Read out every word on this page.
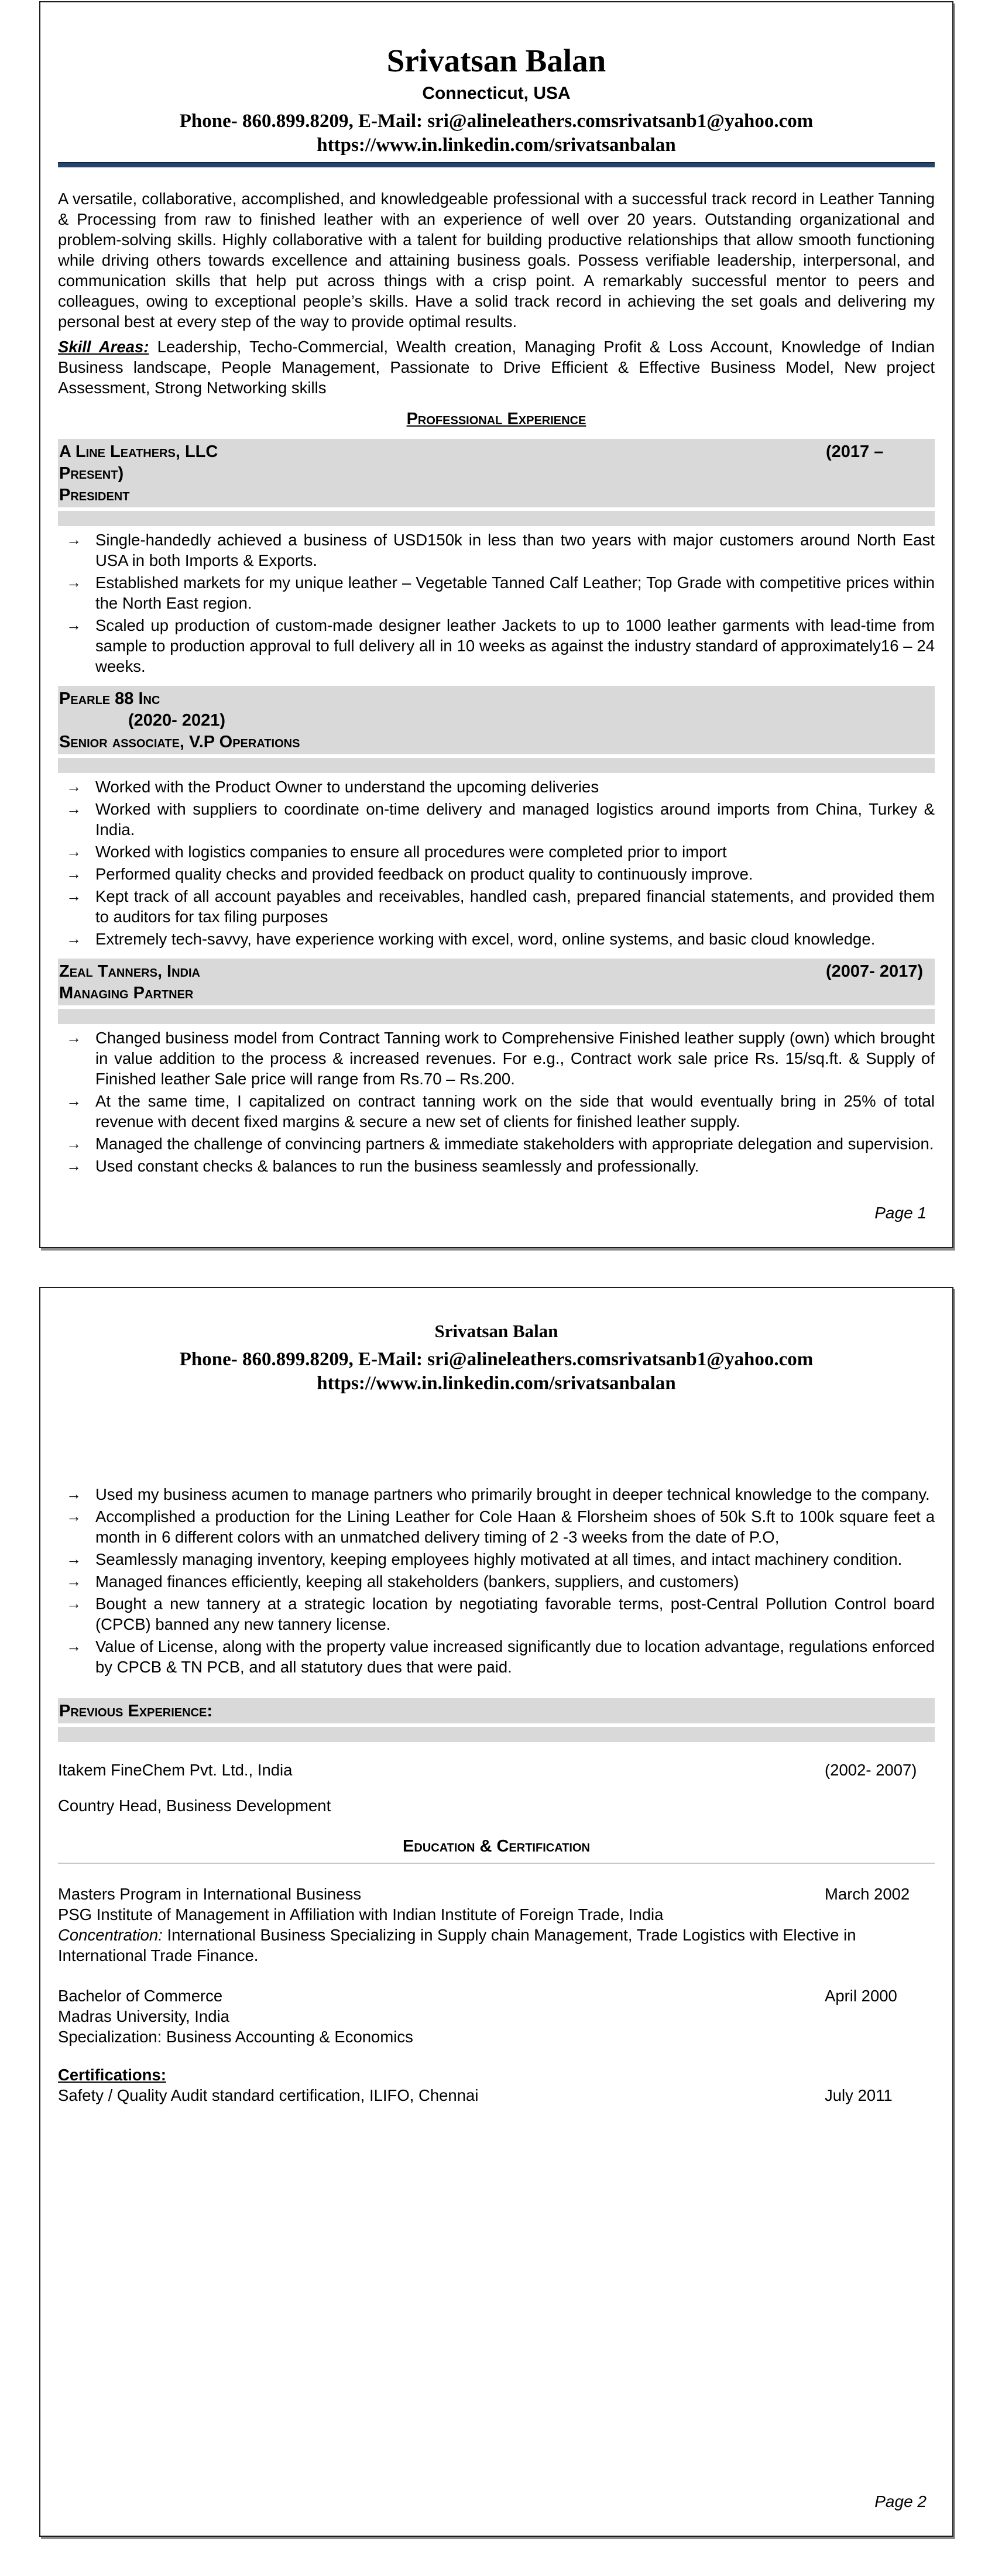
Srivatsan Balan
Connecticut, USA
Phone- 860.899.8209, E-Mail: sri@alineleathers.comsrivatsanb1@yahoo.com
https://www.in.linkedin.com/srivatsanbalan
A versatile, collaborative, accomplished, and knowledgeable professional with a successful track record in Leather Tanning & Processing from raw to finished leather with an experience of well over 20 years. Outstanding organizational and problem-solving skills. Highly collaborative with a talent for building productive relationships that allow smooth functioning while driving others towards excellence and attaining business goals. Possess verifiable leadership, interpersonal, and communication skills that help put across things with a crisp point. A remarkably successful mentor to peers and colleagues, owing to exceptional people’s skills. Have a solid track record in achieving the set goals and delivering my personal best at every step of the way to provide optimal results.
Skill Areas: Leadership, Techo-Commercial, Wealth creation, Managing Profit & Loss Account, Knowledge of Indian Business landscape, People Management, Passionate to Drive Efficient & Effective Business Model, New project Assessment, Strong Networking skills
Professional Experience
A Line Leathers, LLC	(2017 –
Present)
President
→ Single-handedly achieved a business of USD150k in less than two years with major customers around North East USA in both Imports & Exports.
→ Established markets for my unique leather – Vegetable Tanned Calf Leather; Top Grade with competitive prices within the North East region.
→ Scaled up production of custom-made designer leather Jackets to up to 1000 leather garments with lead-time from sample to production approval to full delivery all in 10 weeks as against the industry standard of approximately16 – 24 weeks.
Pearle 88 Inc
(2020- 2021)
Senior associate, V.P Operations
→ Worked with the Product Owner to understand the upcoming deliveries
→ Worked with suppliers to coordinate on-time delivery and managed logistics around imports from China, Turkey & India.
→ Worked with logistics companies to ensure all procedures were completed prior to import
→ Performed quality checks and provided feedback on product quality to continuously improve.
→ Kept track of all account payables and receivables, handled cash, prepared financial statements, and provided them to auditors for tax filing purposes
→ Extremely tech-savvy, have experience working with excel, word, online systems, and basic cloud knowledge.
Zeal Tanners, India	(2007- 2017)
Managing Partner
→ Changed business model from Contract Tanning work to Comprehensive Finished leather supply (own) which brought in value addition to the process & increased revenues. For e.g., Contract work sale price Rs. 15/sq.ft. & Supply of Finished leather Sale price will range from Rs.70 – Rs.200.
→ At the same time, I capitalized on contract tanning work on the side that would eventually bring in 25% of total revenue with decent fixed margins & secure a new set of clients for finished leather supply.
→ Managed the challenge of convincing partners & immediate stakeholders with appropriate delegation and supervision.
→ Used constant checks & balances to run the business seamlessly and professionally.
Page 1
Srivatsan Balan
Phone- 860.899.8209, E-Mail: sri@alineleathers.comsrivatsanb1@yahoo.com
https://www.in.linkedin.com/srivatsanbalan
→ Used my business acumen to manage partners who primarily brought in deeper technical knowledge to the company.
→ Accomplished a production for the Lining Leather for Cole Haan & Florsheim shoes of 50k S.ft to 100k square feet a month in 6 different colors with an unmatched delivery timing of 2 -3 weeks from the date of P.O,
→ Seamlessly managing inventory, keeping employees highly motivated at all times, and intact machinery condition.
→ Managed finances efficiently, keeping all stakeholders (bankers, suppliers, and customers)
→ Bought a new tannery at a strategic location by negotiating favorable terms, post-Central Pollution Control board (CPCB) banned any new tannery license.
→ Value of License, along with the property value increased significantly due to location advantage, regulations enforced by CPCB & TN PCB, and all statutory dues that were paid.
Previous Experience:
Itakem FineChem Pvt. Ltd., India	(2002- 2007)
Country Head, Business Development
Education & Certification
Masters Program in International Business	March 2002
PSG Institute of Management in Affiliation with Indian Institute of Foreign Trade, India
Concentration: International Business Specializing in Supply chain Management, Trade Logistics with Elective in International Trade Finance.
Bachelor of Commerce	April 2000
Madras University, India
Specialization: Business Accounting & Economics
Certifications:
Safety / Quality Audit standard certification, ILIFO, Chennai	July 2011
Page 2
